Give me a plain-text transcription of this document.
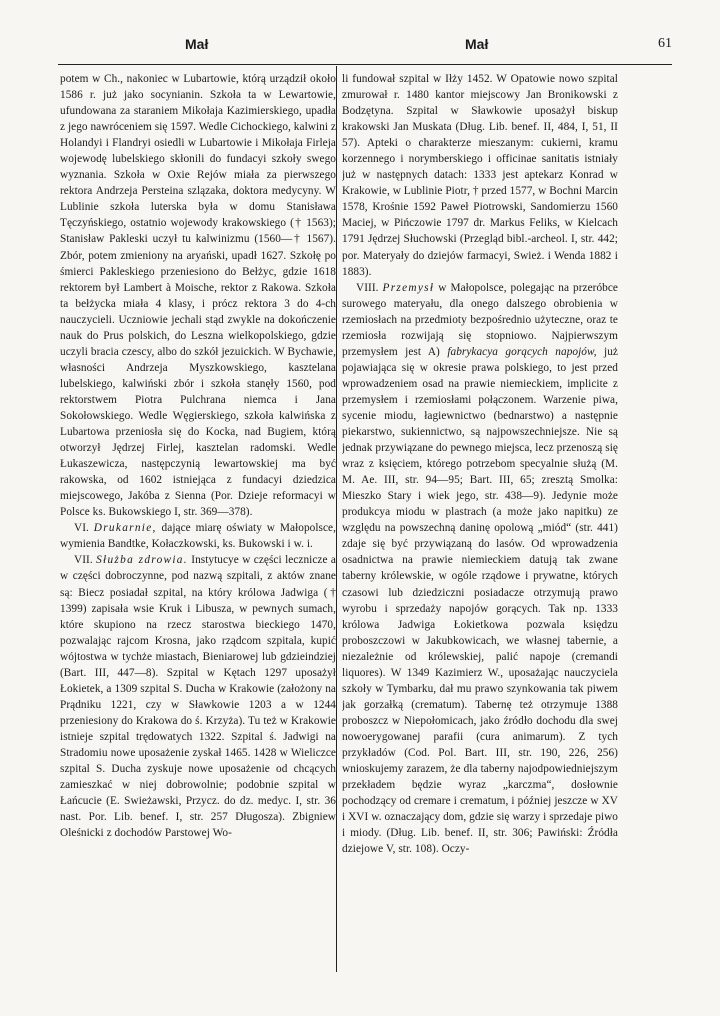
Mał	Mał	61

potem w Ch., nakoniec w Lubartowie, którą urządził około 1586 r. już jako socynianin. Szkoła ta w Lewartowie, ufundowana za staraniem Mikołaja Kazimierskiego, upadła z jego nawróceniem się 1597. Wedle Cichockiego, kalwini z Holandyi i Flandryi osiedli w Lubartowie i Mikołaja Firleja wojewodę lubelskiego skłonili do fundacyi szkoły swego wyznania. Szkoła w Oxie Rejów miała za pierwszego rektora Andrzeja Persteina szlązaka, doktora medycyny. W Lublinie szkoła luterska była w domu Stanisława Tęczyńskiego, ostatnio wojewody krakowskiego († 1563); Stanisław Pakleski uczył tu kalwinizmu (1560—† 1567). Zbór, potem zmieniony na aryański, upadł 1627. Szkołę po śmierci Pakleskiego przeniesiono do Bełżyc, gdzie 1618 rektorem był Lambert à Moische, rektor z Rakowa. Szkoła ta bełżycka miała 4 klasy, i prócz rektora 3 do 4-ch nauczycieli. Uczniowie jechali stąd zwykle na dokończenie nauk do Prus polskich, do Leszna wielkopolskiego, gdzie uczyli bracia czescy, albo do szkół jezuickich. W Bychawie, własności Andrzeja Myszkowskiego, kasztelana lubelskiego, kalwiński zbór i szkoła stanęły 1560, pod rektorstwem Piotra Pulchrana niemca i Jana Sokołowskiego. Wedle Węgierskiego, szkoła kalwińska z Lubartowa przeniosła się do Kocka, nad Bugiem, którą otworzył Jędrzej Firlej, kasztelan radomski. Wedle Łukaszewicza, następczynią lewartowskiej ma być rakowska, od 1602 istniejąca z fundacyi dziedzica miejscowego, Jakóba z Sienna (Por. Dzieje reformacyi w Polsce ks. Bukowskiego I, str. 369—378).

VI. Drukarnie, dające miarę oświaty w Małopolsce, wymienia Bandtke, Kołaczkowski, ks. Bukowski i w. i.

VII. Służba zdrowia. Instytucye w części lecznicze a w części dobroczynne, pod nazwą szpitali, z aktów znane są: Biecz posiadał szpital, na który królowa Jadwiga († 1399) zapisała wsie Kruk i Libusza, w pewnych sumach, które skupiono na rzecz starostwa bieckiego 1470, pozwalając rajcom Krosna, jako rządcom szpitala, kupić wójtostwa w tychże miastach, Bieniarowej lub gdzieindziej (Bart. III, 447—8). Szpital w Kętach 1297 uposażył Łokietek, a 1309 szpital S. Ducha w Krakowie (założony na Prądniku 1221, czy w Sławkowie 1203 a w 1244 przeniesiony do Krakowa do ś. Krzyża). Tu też w Krakowie istnieje szpital trędowatych 1322. Szpital ś. Jadwigi na Stradomiu nowe uposażenie zyskał 1465. 1428 w Wieliczce szpital S. Ducha zyskuje nowe uposażenie od chcących zamieszkać w niej dobrowolnie; podobnie szpital w Łańcucie (E. Swieżawski, Przycz. do dz. medyc. I, str. 36 nast. Por. Lib. benef. I, str. 257 Długosza). Zbigniew Oleśnicki z dochodów Parstowej Wo-

li fundował szpital w Iłży 1452. W Opatowie nowo szpital zmurował r. 1480 kantor miejscowy Jan Bronikowski z Bodzętyna. Szpital w Sławkowie uposażył biskup krakowski Jan Muskata (Dług. Lib. benef. II, 484, I, 51, II 57). Apteki o charakterze mieszanym: cukierni, kramu korzennego i norymberskiego i officinae sanitatis istniały już w następnych datach: 1333 jest aptekarz Konrad w Krakowie, w Lublinie Piotr, † przed 1577, w Bochni Marcin 1578, Krośnie 1592 Paweł Piotrowski, Sandomierzu 1560 Maciej, w Pińczowie 1797 dr. Markus Feliks, w Kielcach 1791 Jędrzej Słuchowski (Przegląd bibl.-archeol. I, str. 442; por. Materyały do dziejów farmacyi, Swież. i Wenda 1882 i 1883).

VIII. Przemysł w Małopolsce, polegając na przeróbce surowego materyału, dla onego dalszego obrobienia w rzemiosłach na przedmioty bezpośrednio użyteczne, oraz te rzemiosła rozwijają się stopniowo. Najpierwszym przemysłem jest A) fabrykacya gorących napojów, już pojawiająca się w okresie prawa polskiego, to jest przed wprowadzeniem osad na prawie niemieckiem, implicite z przemysłem i rzemiosłami połączonem. Warzenie piwa, sycenie miodu, łagiewnictwo (bednarstwo) a następnie piekarstwo, sukiennictwo, są najpowszechniejsze. Nie są jednak przywiązane do pewnego miejsca, lecz przenoszą się wraz z księciem, którego potrzebom specyalnie służą (M. M. Ae. III, str. 94—95; Bart. III, 65; zresztą Smolka: Mieszko Stary i wiek jego, str. 438—9). Jedynie może produkcya miodu w plastrach (a może jako napitku) ze względu na powszechną daninę opolową „miód“ (str. 441) zdaje się być przywiązaną do lasów. Od wprowadzenia osadnictwa na prawie niemieckiem datują tak zwane taberny królewskie, w ogóle rządowe i prywatne, których czasowi lub dziedziczni posiadacze otrzymują prawo wyrobu i sprzedaży napojów gorących. Tak np. 1333 królowa Jadwiga Łokietkowa pozwala księdzu proboszczowi w Jakubkowicach, we własnej tabernie, a niezależnie od królewskiej, palić napoje (cremandi liquores). W 1349 Kazimierz W., uposażając nauczyciela szkoły w Tymbarku, dał mu prawo szynkowania tak piwem jak gorzałką (crematum). Tabernę też otrzymuje 1388 proboszcz w Niepołomicach, jako źródło dochodu dla swej nowoerygowanej parafii (cura animarum). Z tych przykładów (Cod. Pol. Bart. III, str. 190, 226, 256) wnioskujemy zarazem, że dla taberny najodpowiedniejszym przekładem będzie wyraz „karczma“, dosłownie pochodzący od cremare i crematum, i później jeszcze w XV i XVI w. oznaczający dom, gdzie się warzy i sprzedaje piwo i miody. (Dług. Lib. benef. II, str. 306; Pawiński: Źródła dziejowe V, str. 108). Oczy-
